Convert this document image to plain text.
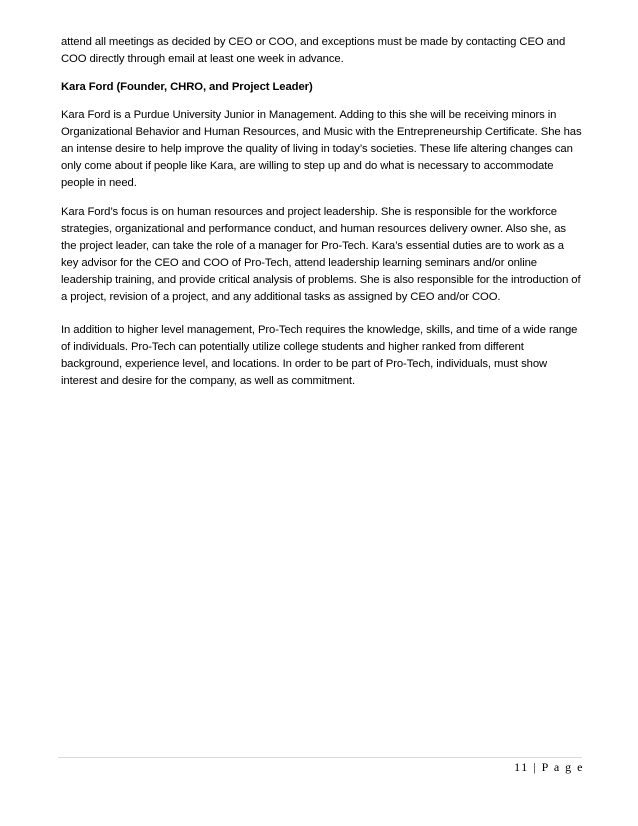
attend all meetings as decided by CEO or COO, and exceptions must be made by contacting CEO and COO directly through email at least one week in advance.

Kara Ford (Founder, CHRO, and Project Leader)

Kara Ford is a Purdue University Junior in Management. Adding to this she will be receiving minors in Organizational Behavior and Human Resources, and Music with the Entrepreneurship Certificate. She has an intense desire to help improve the quality of living in today’s societies. These life altering changes can only come about if people like Kara, are willing to step up and do what is necessary to accommodate people in need.

Kara Ford’s focus is on human resources and project leadership. She is responsible for the workforce strategies, organizational and performance conduct, and human resources delivery owner. Also she, as the project leader, can take the role of a manager for Pro-Tech. Kara’s essential duties are to work as a key advisor for the CEO and COO of Pro-Tech, attend leadership learning seminars and/or online leadership training, and provide critical analysis of problems. She is also responsible for the introduction of a project, revision of a project, and any additional tasks as assigned by CEO and/or COO.

In addition to higher level management, Pro-Tech requires the knowledge, skills, and time of a wide range of individuals. Pro-Tech can potentially utilize college students and higher ranked from different background, experience level, and locations. In order to be part of Pro-Tech, individuals, must show interest and desire for the company, as well as commitment.

11 | P a g e
